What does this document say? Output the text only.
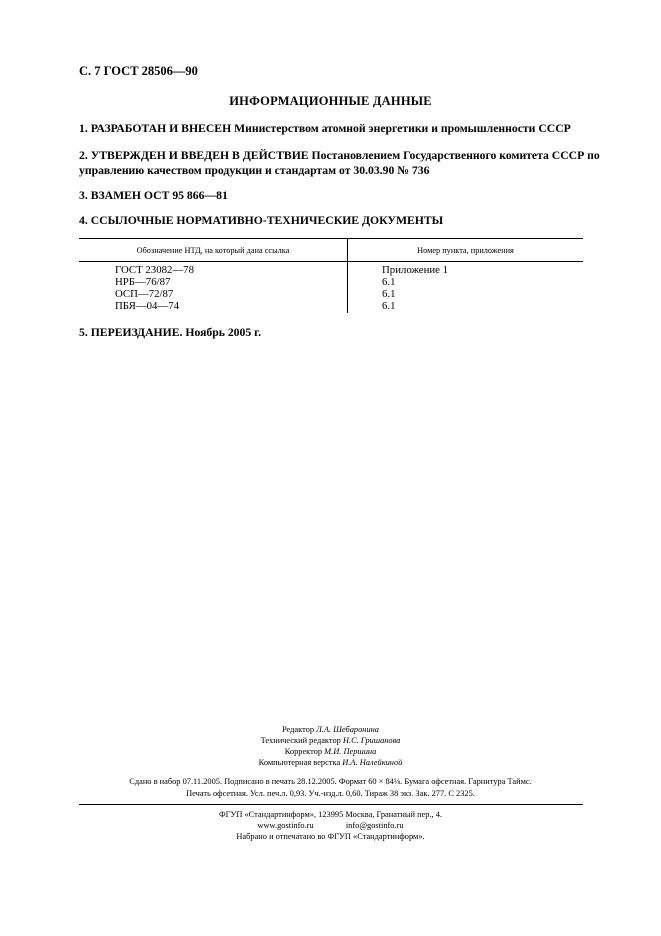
С. 7 ГОСТ 28506—90
ИНФОРМАЦИОННЫЕ ДАННЫЕ
1. РАЗРАБОТАН И ВНЕСЕН Министерством атомной энергетики и промышленности СССР
2. УТВЕРЖДЕН И ВВЕДЕН В ДЕЙСТВИЕ Постановлением Государственного комитета СССР по управлению качеством продукции и стандартам от 30.03.90 № 736
3. ВЗАМЕН ОСТ 95 866—81
4. ССЫЛОЧНЫЕ НОРМАТИВНО-ТЕХНИЧЕСКИЕ ДОКУМЕНТЫ
Обозначение НТД, на который дана ссылка	Номер пункта, приложения
ГОСТ 23082—78	Приложение 1
НРБ—76/87	6.1
ОСП—72/87	6.1
ПБЯ—04—74	6.1
5. ПЕРЕИЗДАНИЕ. Ноябрь 2005 г.
Редактор Л.А. Шебаронина
Технический редактор Н.С. Гришанова
Корректор М.И. Першина
Компьютерная верстка И.А. Налейкиной
Сдано в набор 07.11.2005. Подписано в печать 28.12.2005. Формат 60 × 84⅛. Бумага офсетная. Гарнитура Таймс.
Печать офсетная. Усл. печ.л. 0,93. Уч.-изд.л. 0,60. Тираж 38 экз. Зак. 277. С 2325.
ФГУП «Стандартинформ», 123995 Москва, Гранатный пер., 4.
www.gostinfo.ru	info@gostinfo.ru
Набрано и отпечатано во ФГУП «Стандартинформ».
